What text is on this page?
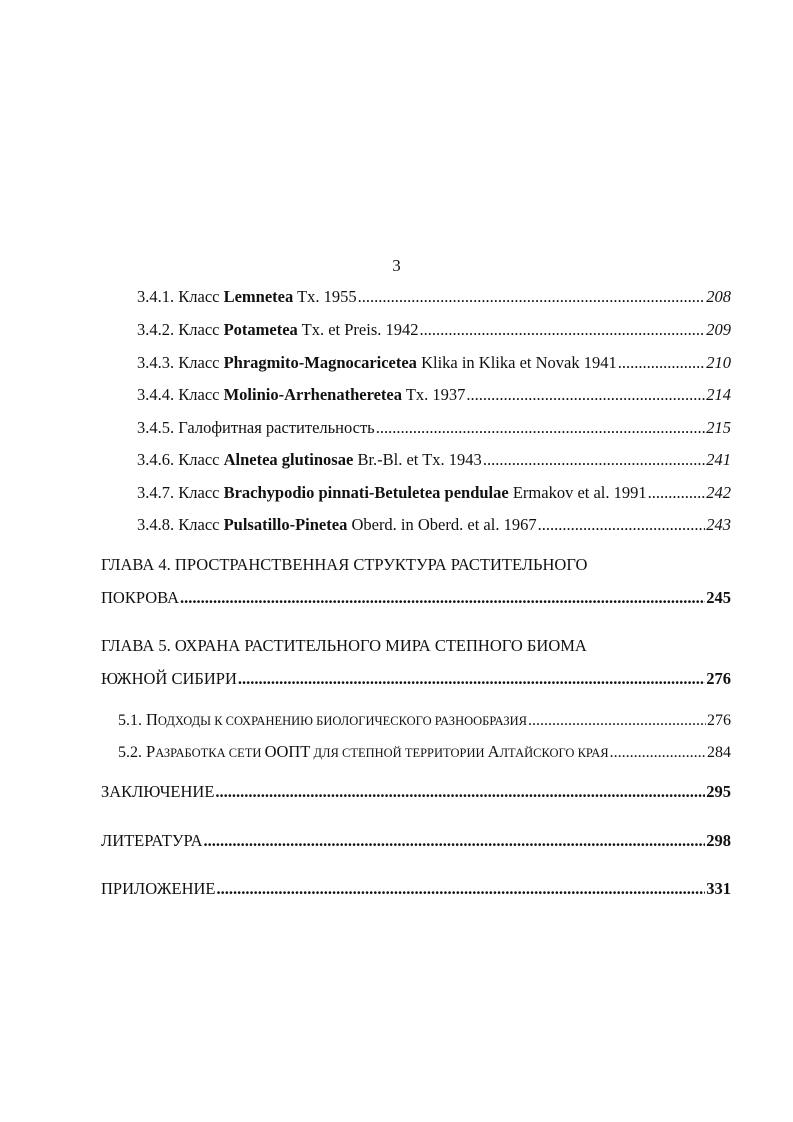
3
3.4.1. Класс Lemnetea Tx. 1955 .....	208
3.4.2. Класс Potametea Tx. et Preis. 1942 .....	209
3.4.3. Класс Phragmito-Magnocaricetea Klika in Klika et Novak 1941 .....	210
3.4.4. Класс Molinio-Arrhenatheretea Tx. 1937 .....	214
3.4.5. Галофитная растительность .....	215
3.4.6. Класс Alnetea glutinosae Br.-Bl. et Tx. 1943 .....	241
3.4.7. Класс Brachypodio pinnati-Betuletea pendulae Ermakov et al. 1991 .....	242
3.4.8. Класс Pulsatillo-Pinetea Oberd. in Oberd. et al. 1967 .....	243
ГЛАВА 4. ПРОСТРАНСТВЕННАЯ СТРУКТУРА РАСТИТЕЛЬНОГО
ПОКРОВА .....	245
ГЛАВА 5. ОХРАНА РАСТИТЕЛЬНОГО МИРА СТЕПНОГО БИОМА
ЮЖНОЙ СИБИРИ .....	276
5.1. ПОДХОДЫ К СОХРАНЕНИЮ БИОЛОГИЧЕСКОГО РАЗНООБРАЗИЯ .....	276
5.2. РАЗРАБОТКА СЕТИ ООПТ ДЛЯ СТЕПНОЙ ТЕРРИТОРИИ АЛТАЙСКОГО КРАЯ .....	284
ЗАКЛЮЧЕНИЕ .....	295
ЛИТЕРАТУРА .....	298
ПРИЛОЖЕНИЕ .....	331
